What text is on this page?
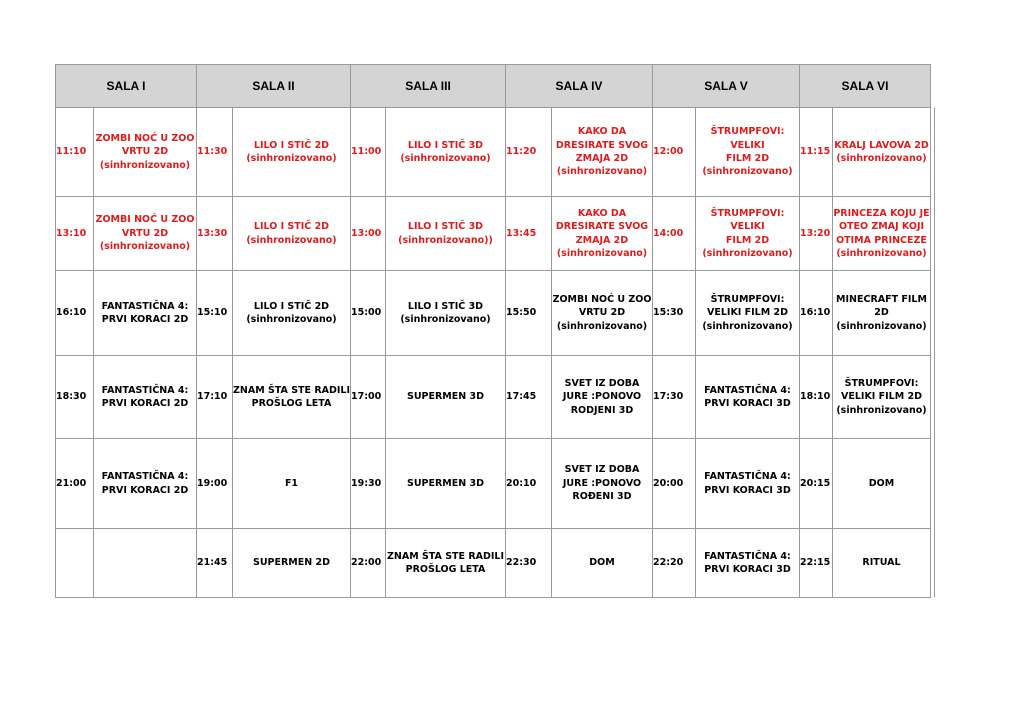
SALA I		SALA II		SALA III		SALA IV		SALA V		SALA VI	
11:10	ZOMBI NOĆ U ZOO
VRTU 2D
(sinhronizovano)	11:30	LILO I STIČ 2D
(sinhronizovano)	11:00	LILO I STIČ 3D
(sinhronizovano)	11:20	KAKO DA
DRESIRATE SVOG
ZMAJA 2D
(sinhronizovano)	12:00	ŠTRUMPFOVI: VELIKI
FILM 2D
(sinhronizovano)	11:15	KRALJ LAVOVA 2D
(sinhronizovano)

13:10	ZOMBI NOĆ U ZOO
VRTU 2D
(sinhronizovano)	13:30	LILO I STIČ 2D
(sinhronizovano)	13:00	LILO I STIČ 3D
(sinhronizovano))	13:45	KAKO DA
DRESIRATE SVOG
ZMAJA 2D
(sinhronizovano)	14:00	ŠTRUMPFOVI: VELIKI
FILM 2D
(sinhronizovano)	13:20	PRINCEZA KOJU JE
OTEO ZMAJ KOJI
OTIMA PRINCEZE
(sinhronizovano)

16:10	FANTASTIČNA 4:
PRVI KORACI 2D	15:10	LILO I STIČ 2D
(sinhronizovano)	15:00	LILO I STIČ 3D
(sinhronizovano)	15:50	ZOMBI NOĆ U ZOO
VRTU 2D
(sinhronizovano)	15:30	ŠTRUMPFOVI:
VELIKI FILM 2D
(sinhronizovano)	16:10	MINECRAFT FILM
2D
(sinhronizovano)

18:30	FANTASTIČNA 4:
PRVI KORACI 2D	17:10	ZNAM ŠTA STE RADILI
PROŠLOG LETA	17:00	SUPERMEN 3D	17:45	SVET IZ DOBA
JURE :PONOVO
RODJENI 3D	17:30	FANTASTIČNA 4:
PRVI KORACI 3D	18:10	ŠTRUMPFOVI:
VELIKI FILM 2D
(sinhronizovano)

21:00	FANTASTIČNA 4:
PRVI KORACI 2D	19:00	F1	19:30	SUPERMEN 3D	20:10	SVET IZ DOBA
JURE :PONOVO
ROĐENI 3D	20:00	FANTASTIČNA 4:
PRVI KORACI 3D	20:15	DOM

		21:45	SUPERMEN 2D	22:00	ZNAM ŠTA STE RADILI
PROŠLOG LETA	22:30	DOM	22:20	FANTASTIČNA 4:
PRVI KORACI 3D	22:15	RITUAL
